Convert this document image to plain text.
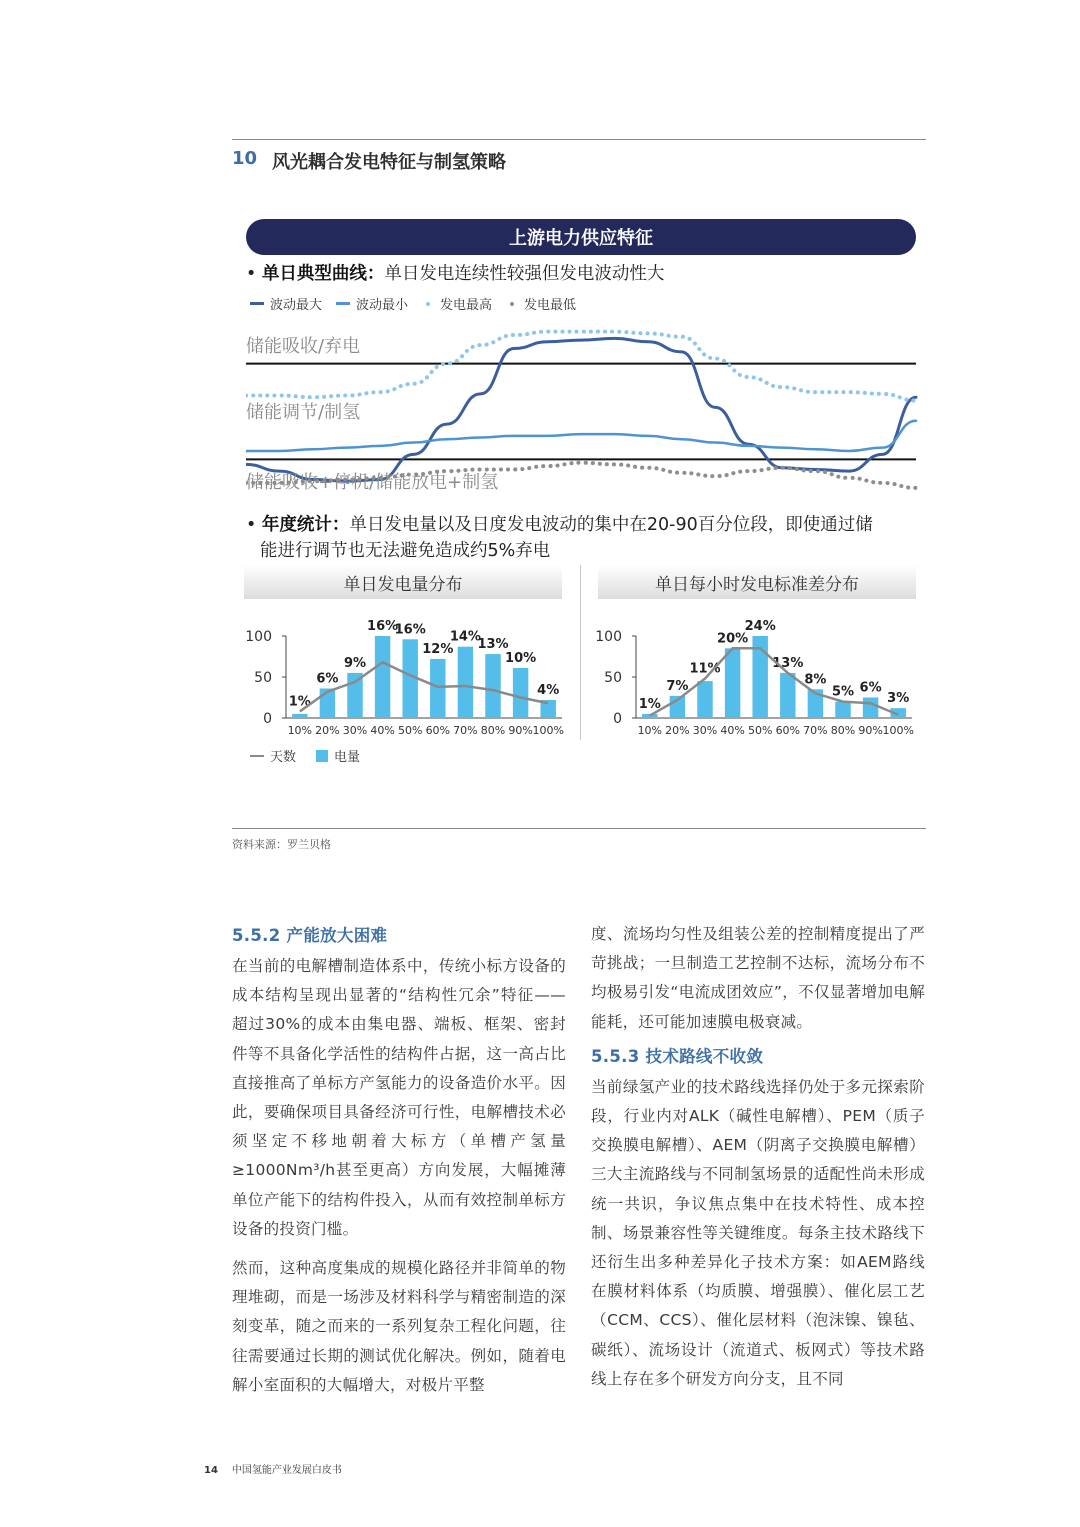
10 风光耦合发电特征与制氢策略
上游电力供应特征
• 单日典型曲线：单日发电连续性较强但发电波动性大
波动最大	波动最小 发电最高 发电最低
储能吸收/弃电
储能调节/制氢
储能吸收+停机/储能放电+制氢
• 年度统计：单日发电量以及日度发电波动的集中在20-90百分位段，即使通过储
能进行调节也无法避免造成约5%弃电
单日发电量分布	单日每小时发电标准差分布
0
50
100
1%
10%
6%
20%
9%
30%
16%
40%
16%
50%
12%
60%
14%
70%
13%
80%
10%
90%
4%
100%
0
50
100
1%
10%
7%
20%
11%
30%
20%
40%
24%
50%
13%
60%
8%
70%
5%
80%
6%
90%
3%
100%
天数	电量
资料来源：罗兰贝格
5.5.2 产能放大困难

在当前的电解槽制造体系中，传统小标方设备的成本结构呈现出显著的“结构性冗余”特征—— 超过30%的成本由集电器、端板、框架、密封件等不具备化学活性的结构件占据，这一高占比直接推高了单标方产氢能力的设备造价水平。因此，要确保项目具备经济可行性，电解槽技术必须坚定不移地朝着大标方（单槽产氢量≥1000Nm³/h甚至更高）方向发展，大幅摊薄单位产能下的结构件投入，从而有效控制单标方设备的投资门槛。

然而，这种高度集成的规模化路径并非简单的物理堆砌，而是一场涉及材料科学与精密制造的深刻变革，随之而来的一系列复杂工程化问题，往往需要通过长期的测试优化解决。例如，随着电解小室面积的大幅增大，对极片平整

度、流场均匀性及组装公差的控制精度提出了严苛挑战；一旦制造工艺控制不达标，流场分布不均极易引发“电流成团效应”，不仅显著增加电解能耗，还可能加速膜电极衰减。

5.5.3 技术路线不收敛

当前绿氢产业的技术路线选择仍处于多元探索阶段，行业内对ALK（碱性电解槽）、PEM（质子交换膜电解槽）、AEM（阴离子交换膜电解槽）三大主流路线与不同制氢场景的适配性尚未形成统一共识，争议焦点集中在技术特性、成本控制、场景兼容性等关键维度。每条主技术路线下还衍生出多种差异化子技术方案：如AEM路线在膜材料体系（均质膜、增强膜）、催化层工艺（CCM、CCS）、催化层材料（泡沫镍、镍毡、碳纸）、流场设计（流道式、板网式）等技术路线上存在多个研发方向分支，且不同

14 中国氢能产业发展白皮书
